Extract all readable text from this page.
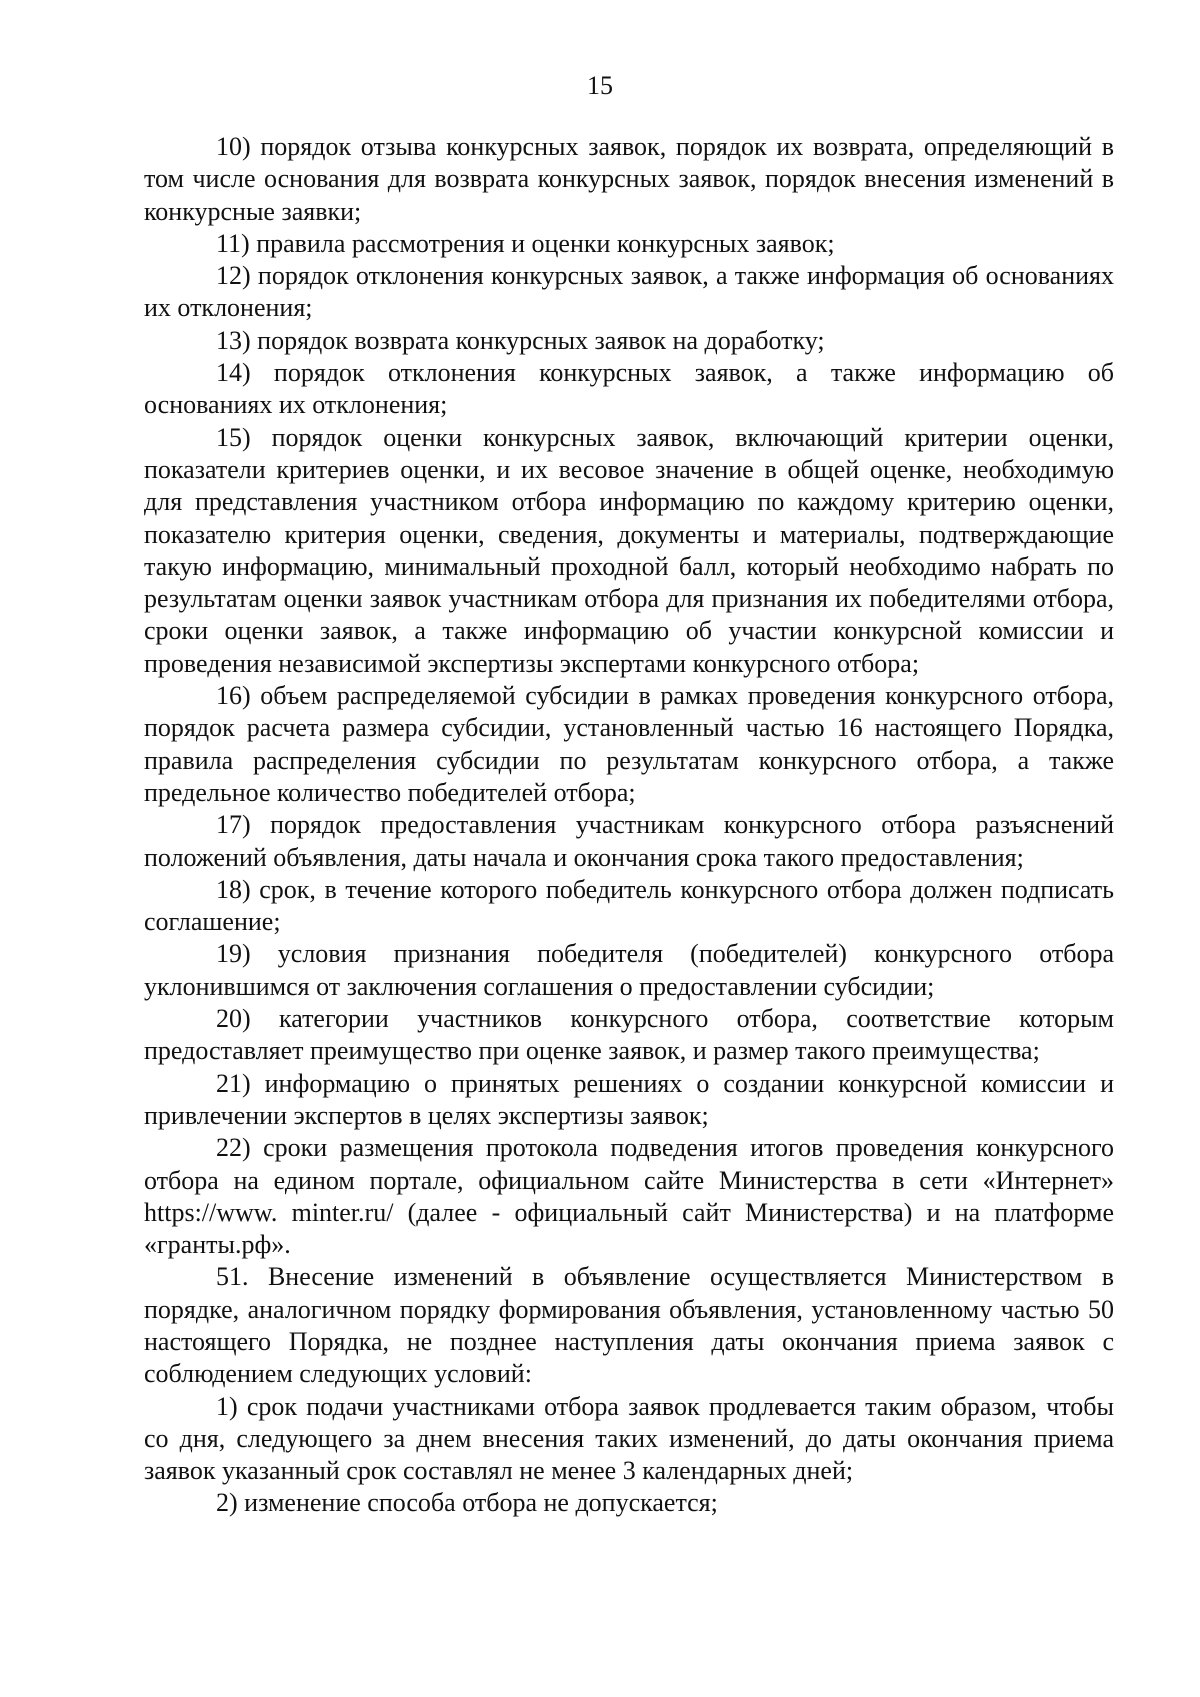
15

10) порядок отзыва конкурсных заявок, порядок их возврата, определяющий в том числе основания для возврата конкурсных заявок, порядок внесения изменений в конкурсные заявки;

11) правила рассмотрения и оценки конкурсных заявок;

12) порядок отклонения конкурсных заявок, а также информация об основаниях их отклонения;

13) порядок возврата конкурсных заявок на доработку;

14) порядок отклонения конкурсных заявок, а также информацию об основаниях их отклонения;

15) порядок оценки конкурсных заявок, включающий критерии оценки, показатели критериев оценки, и их весовое значение в общей оценке, необходимую для представления участником отбора информацию по каждому критерию оценки, показателю критерия оценки, сведения, документы и материалы, подтверждающие такую информацию, минимальный проходной балл, который необходимо набрать по результатам оценки заявок участникам отбора для признания их победителями отбора, сроки оценки заявок, а также информацию об участии конкурсной комиссии и проведения независимой экспертизы экспертами конкурсного отбора;

16) объем распределяемой субсидии в рамках проведения конкурсного отбора, порядок расчета размера субсидии, установленный частью 16 настоящего Порядка, правила распределения субсидии по результатам конкурсного отбора, а также предельное количество победителей отбора;

17) порядок предоставления участникам конкурсного отбора разъяснений положений объявления, даты начала и окончания срока такого предоставления;

18) срок, в течение которого победитель конкурсного отбора должен подписать соглашение;

19) условия признания победителя (победителей) конкурсного отбора уклонившимся от заключения соглашения о предоставлении субсидии;

20) категории участников конкурсного отбора, соответствие которым предоставляет преимущество при оценке заявок, и размер такого преимущества;

21) информацию о принятых решениях о создании конкурсной комиссии и привлечении экспертов в целях экспертизы заявок;

22) сроки размещения протокола подведения итогов проведения конкурсного отбора на едином портале, официальном сайте Министерства в сети «Интернет» https://www. minter.ru/ (далее - официальный сайт Министерства) и на платформе «гранты.рф».

51. Внесение изменений в объявление осуществляется Министерством в порядке, аналогичном порядку формирования объявления, установленному частью 50 настоящего Порядка, не позднее наступления даты окончания приема заявок с соблюдением следующих условий:

1) срок подачи участниками отбора заявок продлевается таким образом, чтобы со дня, следующего за днем внесения таких изменений, до даты окончания приема заявок указанный срок составлял не менее 3 календарных дней;

2) изменение способа отбора не допускается;
